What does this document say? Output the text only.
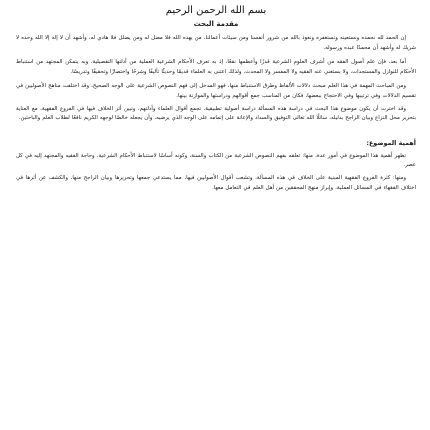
بسم الله الرحمن الرحيم
مقدمة البحث

إن الحمد لله نحمده ونستعينه ونستغفره ونعوذ بالله من شرور أنفسنا ومن سيئات أعمالنا، من يهده الله فلا مضل له ومن يضلل فلا هادي له، وأشهد أن لا إله إلا الله وحده لا شريك له وأشهد أن محمدًا عبده ورسوله.

أما بعد، فإن علم أصول الفقه من أشرف العلوم الشرعية قدرًا وأعظمها نفعًا، إذ به تعرف الأحكام الشرعية العملية من أدلتها التفصيلية، وبه يتمكن المجتهد من استنباط الأحكام للنوازل والمستجدات، ولا يستغني عنه الفقيه ولا المفسر ولا المحدث، ولذلك اعتنى به العلماء قديمًا وحديثًا تأليفًا وشرحًا واختصارًا وتحقيقًا وتدريسًا.

ومن المباحث المهمة في هذا العلم مبحث دلالات الألفاظ وطرق الاستنباط منها، فهو المدخل إلى فهم النصوص الشرعية على الوجه الصحيح، وقد اختلفت مناهج الأصوليين في تقسيم الدلالات وفي ترتيبها وفي الاحتجاج ببعضها، فكان من المناسب جمع أقوالهم ودراستها والموازنة بينها.

وقد اخترت أن يكون موضوع هذا البحث في دراسة هذه المسألة دراسة أصولية تطبيقية، تجمع أقوال العلماء وأدلتهم، وتبين أثر الخلاف فيها في الفروع الفقهية، مع العناية بتحرير محل النزاع وبيان الراجح بدليله، سائلًا الله تعالى التوفيق والسداد والإعانة على إتمامه على الوجه الذي يرضيه، وأن يجعله خالصًا لوجهه الكريم نافعًا لطلاب العلم والباحثين.

أهمية الموضوع:

تظهر أهمية هذا الموضوع في أمور عدة، منها: تعلقه بفهم النصوص الشرعية من الكتاب والسنة، وكونه أساسًا لاستنباط الأحكام الشرعية، وحاجة الفقيه والمجتهد إليه في كل عصر.

ومنها: كثرة الفروع الفقهية المبنية على الخلاف في هذه المسألة، وتشعب أقوال الأصوليين فيها، مما يستدعي جمعها وتحريرها وبيان الراجح منها، والكشف عن أثرها في اختلاف الفقهاء في المسائل العملية، وإبراز منهج المحققين من أهل العلم في التعامل معها.
